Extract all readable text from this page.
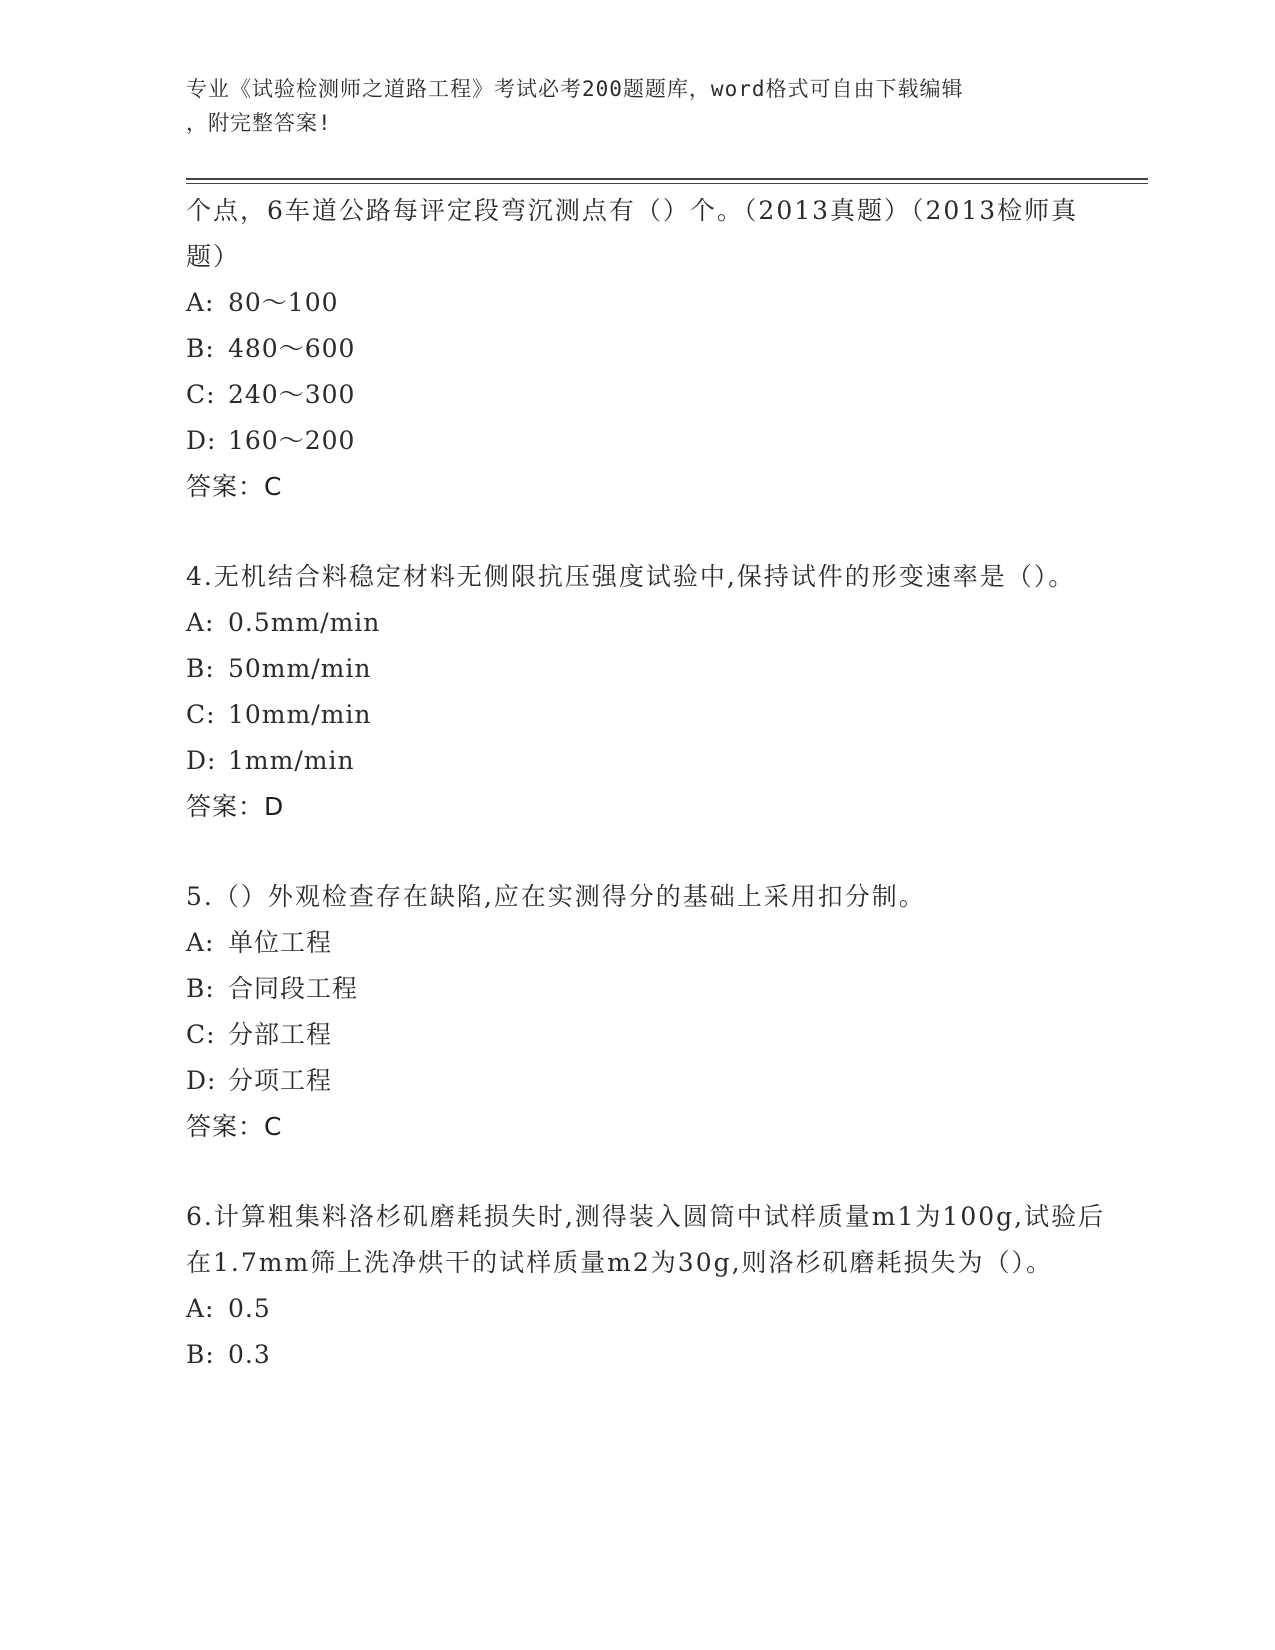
专业《试验检测师之道路工程》考试必考200题题库，word格式可自由下载编辑
，附完整答案!
个点，6车道公路每评定段弯沉测点有（）个。（2013真题）（2013检师真题）
A: 80～100
B: 480～600
C: 240～300
D: 160～200
答案：C
4.无机结合料稳定材料无侧限抗压强度试验中,保持试件的形变速率是（）。
A: 0.5mm/min
B: 50mm/min
C: 10mm/min
D: 1mm/min
答案：D
5.（）外观检查存在缺陷,应在实测得分的基础上采用扣分制。
A: 单位工程
B: 合同段工程
C: 分部工程
D: 分项工程
答案：C
6.计算粗集料洛杉矶磨耗损失时,测得装入圆筒中试样质量m1为100g,试验后在1.7mm筛上洗净烘干的试样质量m2为30g,则洛杉矶磨耗损失为（）。
A: 0.5
B: 0.3
